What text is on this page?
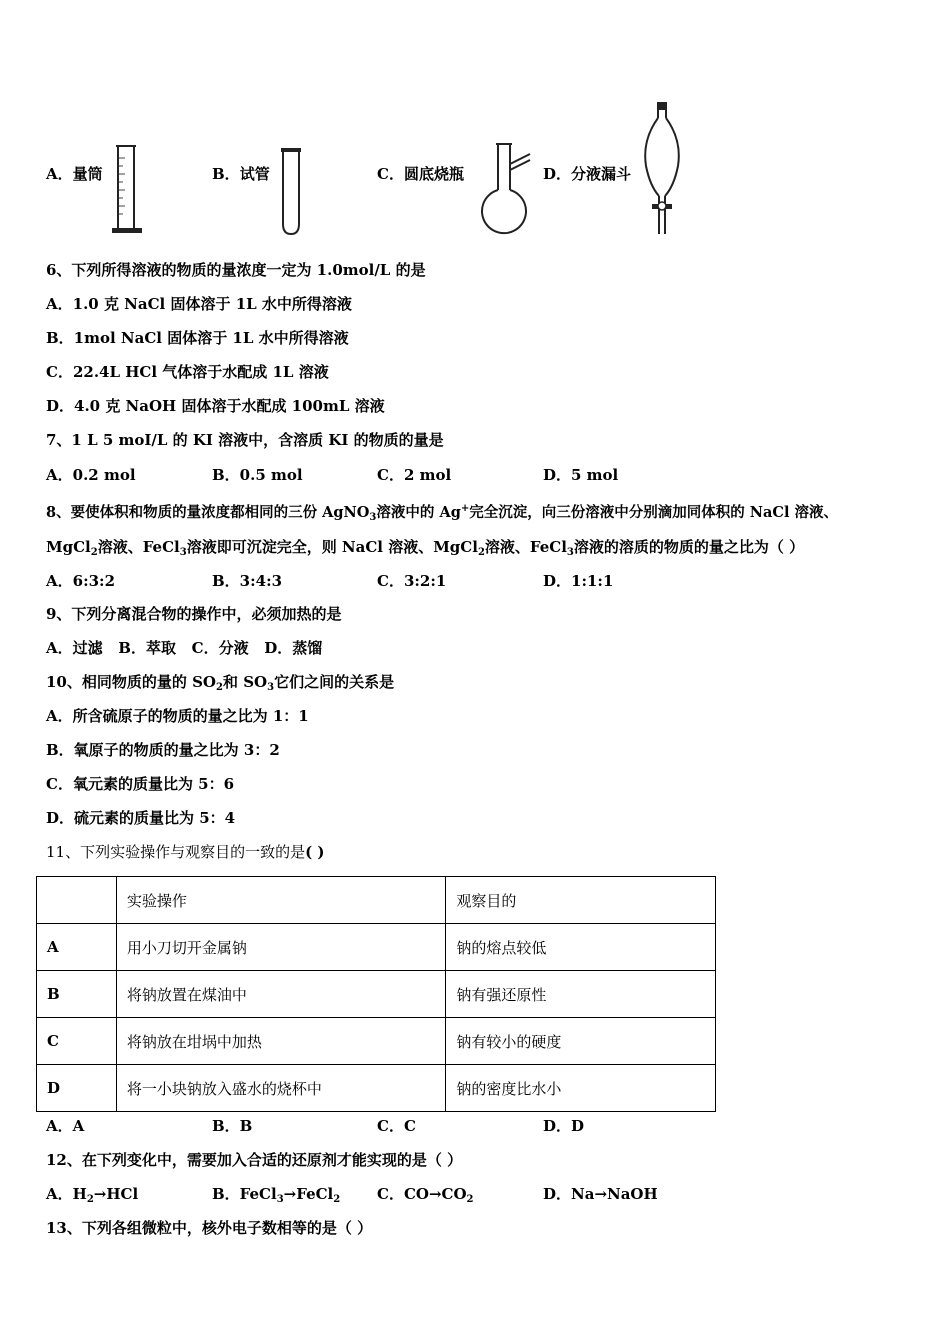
A．量筒	B．试管	C．圆底烧瓶	D．分液漏斗
6、下列所得溶液的物质的量浓度一定为 1.0mol/L 的是
A．1.0 克 NaCl 固体溶于 1L 水中所得溶液
B．1mol NaCl 固体溶于 1L 水中所得溶液
C．22.4L HCl 气体溶于水配成 1L 溶液
D．4.0 克 NaOH 固体溶于水配成 100mL 溶液
7、1 L 5 moI/L 的 KI 溶液中，含溶质 KI 的物质的量是
A．0.2 mol	B．0.5 mol	C．2 mol	D．5 mol
8、要使体积和物质的量浓度都相同的三份 AgNO$_3$溶液中的 Ag+完全沉淀，向三份溶液中分别滴加同体积的 NaCl 溶液、
MgCl$_2$溶液、FeCl$_3$溶液即可沉淀完全，则 NaCl 溶液、MgCl$_2$溶液、FeCl$_3$溶液的溶质的物质的量之比为（ ）
A．6:3:2	B．3:4:3	C．3:2:1	D．1:1:1
9、下列分离混合物的操作中，必须加热的是
A．过滤   B．萃取   C．分液   D．蒸馏
10、相同物质的量的 $SO_2$和 $SO_3$它们之间的关系是
A．所含硫原子的物质的量之比为 1：1
B．氧原子的物质的量之比为 3：2
C．氧元素的质量比为 5：6
D．硫元素的质量比为 5：4
11、下列实验操作与观察目的一致的是( )
	实验操作	观察目的
A	用小刀切开金属钠	钠的熔点较低
B	将钠放置在煤油中	钠有强还原性
C	将钠放在坩埚中加热	钠有较小的硬度
D	将一小块钠放入盛水的烧杯中	钠的密度比水小
A．A	B．B	C．C	D．D
12、在下列变化中，需要加入合适的还原剂才能实现的是（ ）
A．$H_2\to HCl$	B．FeCl$_3$→FeCl$_2$ C．$CO\to CO_2$	D．Na→NaOH
13、下列各组微粒中，核外电子数相等的是（ ）
